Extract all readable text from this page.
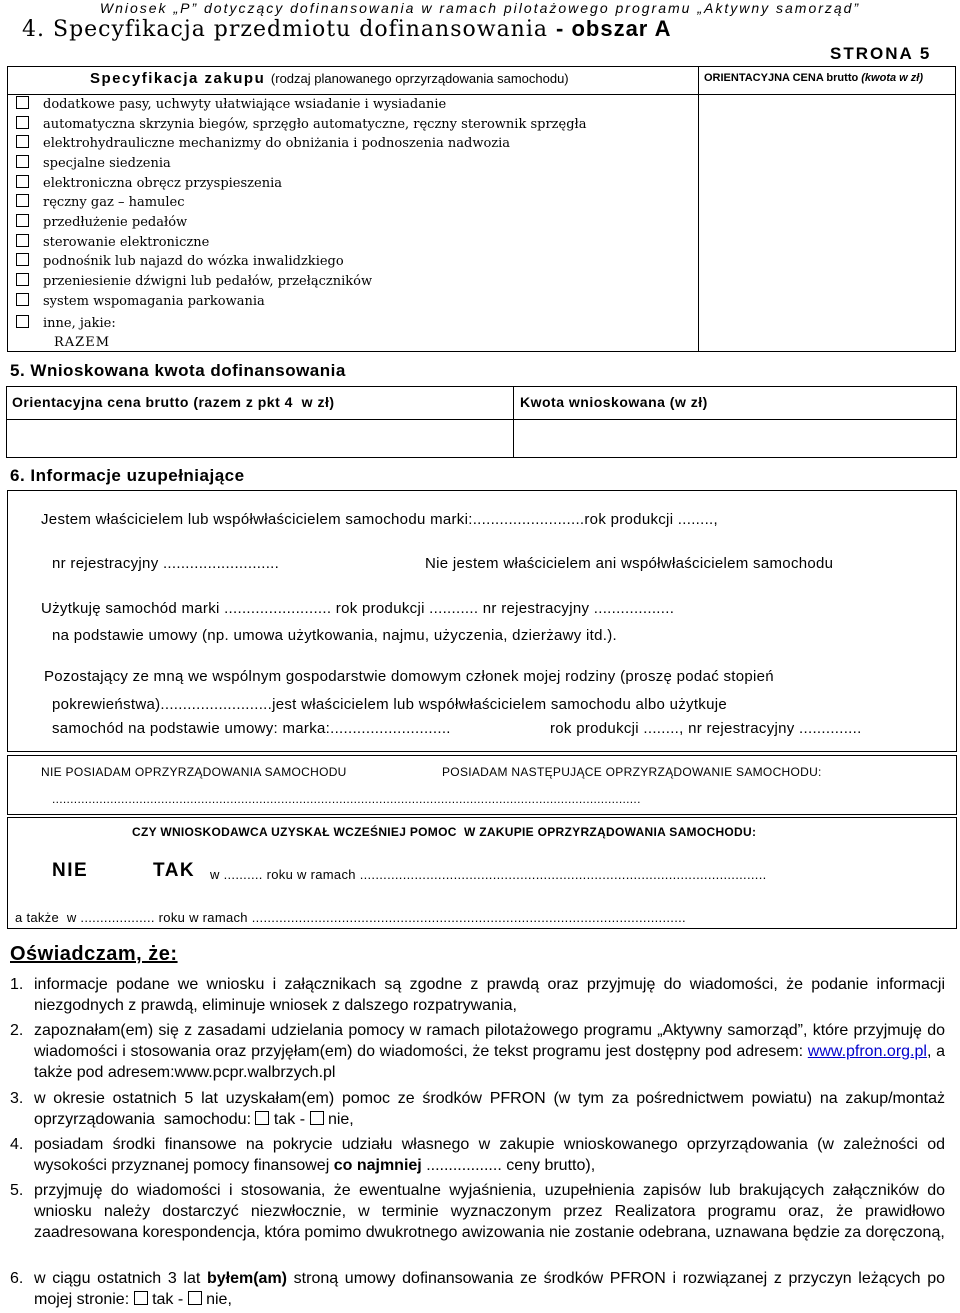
Wniosek „P” dotyczący dofinansowania w ramach pilotażowego programu „Aktywny samorząd”
4. Specyfikacja przedmiotu dofinansowania - obszar A
STRONA 5
Specyfikacja zakupu (rodzaj planowanego oprzyrządowania samochodu)	ORIENTACYJNA CENA brutto (kwota w zł)
dodatkowe pasy, uchwyty ułatwiające wsiadanie i wysiadanie
automatyczna skrzynia biegów, sprzęgło automatyczne, ręczny sterownik sprzęgła
elektrohydrauliczne mechanizmy do obniżania i podnoszenia nadwozia
specjalne siedzenia
elektroniczna obręcz przyspieszenia
ręczny gaz – hamulec
przedłużenie pedałów
sterowanie elektroniczne
podnośnik lub najazd do wózka inwalidzkiego
przeniesienie dźwigni lub pedałów, przełączników
system wspomagania parkowania
inne, jakie:
RAZEM
5. Wnioskowana kwota dofinansowania
Orientacyjna cena brutto (razem z pkt 4  w zł)	Kwota wnioskowana (w zł)
6. Informacje uzupełniające
Jestem właścicielem lub współwłaścicielem samochodu marki:.........................rok produkcji ........,
nr rejestracyjny ..........................	Nie jestem właścicielem ani współwłaścicielem samochodu
Użytkuję samochód marki ........................ rok produkcji ........... nr rejestracyjny ..................
na podstawie umowy (np. umowa użytkowania, najmu, użyczenia, dzierżawy itd.).
Pozostający ze mną we wspólnym gospodarstwie domowym członek mojej rodziny (proszę podać stopień
pokrewieństwa).........................jest właścicielem lub współwłaścicielem samochodu albo użytkuje
samochód na podstawie umowy: marka:...........................	rok produkcji ........, nr rejestracyjny ..............
NIE POSIADAM OPRZYRZĄDOWANIA SAMOCHODU	POSIADAM NASTĘPUJĄCE OPRZYRZĄDOWANIE SAMOCHODU:
..................................................................................................................................................................
CZY WNIOSKODAWCA UZYSKAŁ WCZEŚNIEJ POMOC  W ZAKUPIE OPRZYRZĄDOWANIA SAMOCHODU:
NIE	TAK w .......... roku w ramach ........................................................................................................
a także  w ................... roku w ramach ...............................................................................................................
Oświadczam, że:
1. informacje podane we wniosku i załącznikach są zgodne z prawdą oraz przyjmuję do wiadomości, że podanie informacji niezgodnych z prawdą, eliminuje wniosek z dalszego rozpatrywania,
2. zapoznałam(em) się z zasadami udzielania pomocy w ramach pilotażowego programu „Aktywny samorząd”, które przyjmuję do wiadomości i stosowania oraz przyjęłam(em) do wiadomości, że tekst programu jest dostępny pod adresem: www.pfron.org.pl, a także pod adresem:www.pcpr.walbrzych.pl
3. w okresie ostatnich 5 lat uzyskałam(em) pomoc ze środków PFRON (w tym za pośrednictwem powiatu) na zakup/montaż oprzyrządowania  samochodu: tak - nie,
4. posiadam środki finansowe na pokrycie udziału własnego w zakupie wnioskowanego oprzyrządowania (w zależności od wysokości przyznanej pomocy finansowej co najmniej ................. ceny brutto),
5. przyjmuję do wiadomości i stosowania, że ewentualne wyjaśnienia, uzupełnienia zapisów lub brakujących załączników do wniosku należy dostarczyć niezwłocznie, w terminie wyznaczonym przez Realizatora programu oraz, że prawidłowo zaadresowana korespondencja, która pomimo dwukrotnego awizowania nie zostanie odebrana, uznawana będzie za doręczoną,
6. w ciągu ostatnich 3 lat byłem(am) stroną umowy dofinansowania ze środków PFRON i rozwiązanej z przyczyn leżących po mojej stronie: tak - nie,
